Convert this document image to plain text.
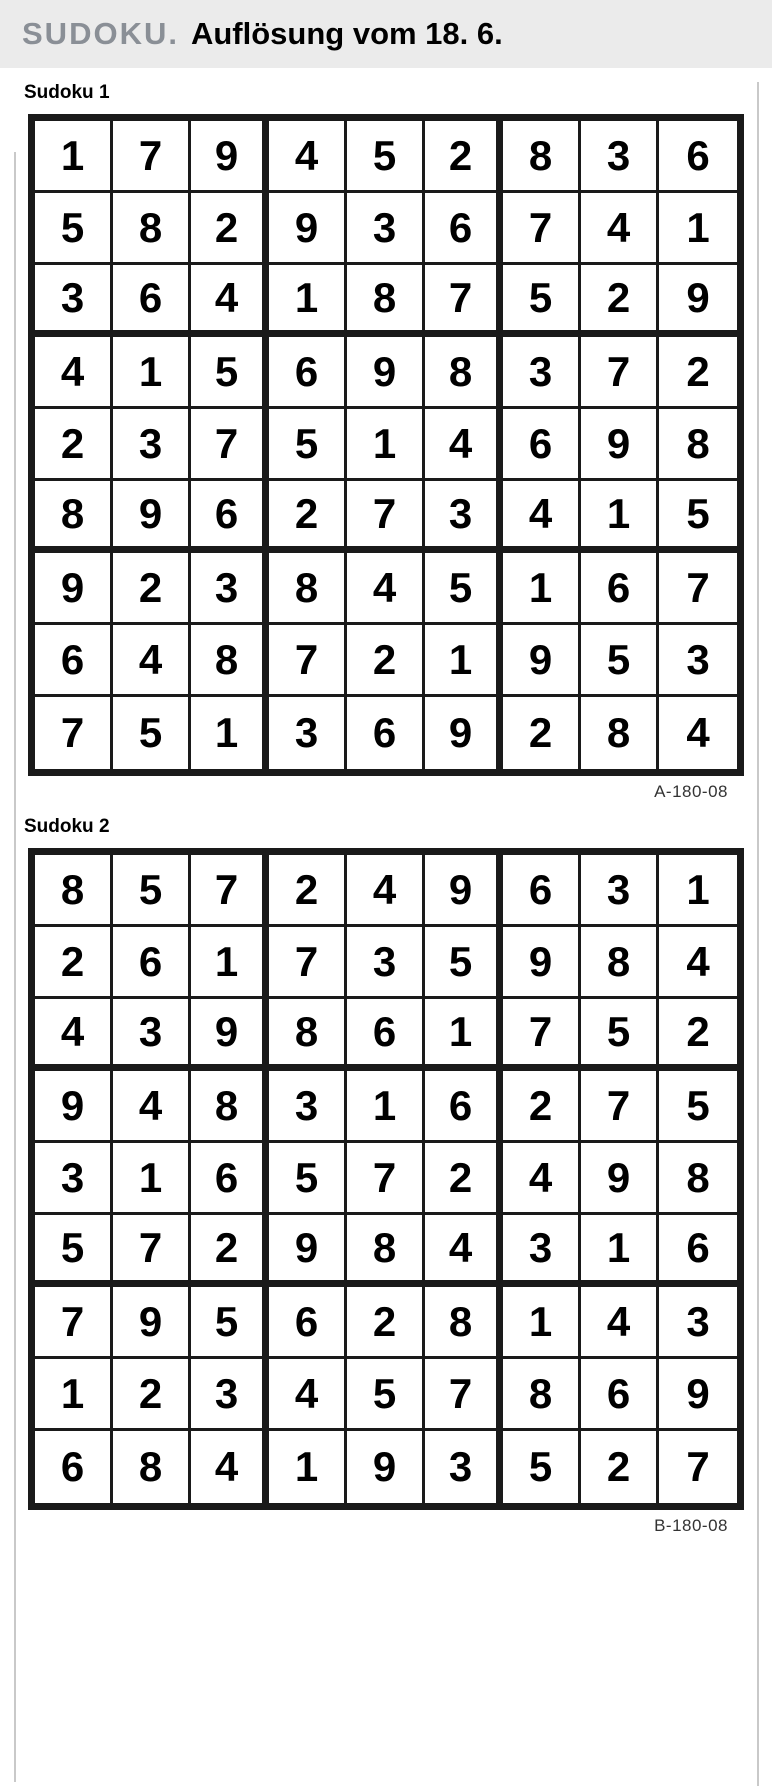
SUDOKU. Auflösung vom 18. 6.
Sudoku 1
1	7	9	4	5	2	8	3	6
5	8	2	9	3	6	7	4	1
3	6	4	1	8	7	5	2	9
4	1	5	6	9	8	3	7	2
2	3	7	5	1	4	6	9	8
8	9	6	2	7	3	4	1	5
9	2	3	8	4	5	1	6	7
6	4	8	7	2	1	9	5	3
7	5	1	3	6	9	2	8	4
A-180-08
Sudoku 2
8	5	7	2	4	9	6	3	1
2	6	1	7	3	5	9	8	4
4	3	9	8	6	1	7	5	2
9	4	8	3	1	6	2	7	5
3	1	6	5	7	2	4	9	8
5	7	2	9	8	4	3	1	6
7	9	5	6	2	8	1	4	3
1	2	3	4	5	7	8	6	9
6	8	4	1	9	3	5	2	7
B-180-08
